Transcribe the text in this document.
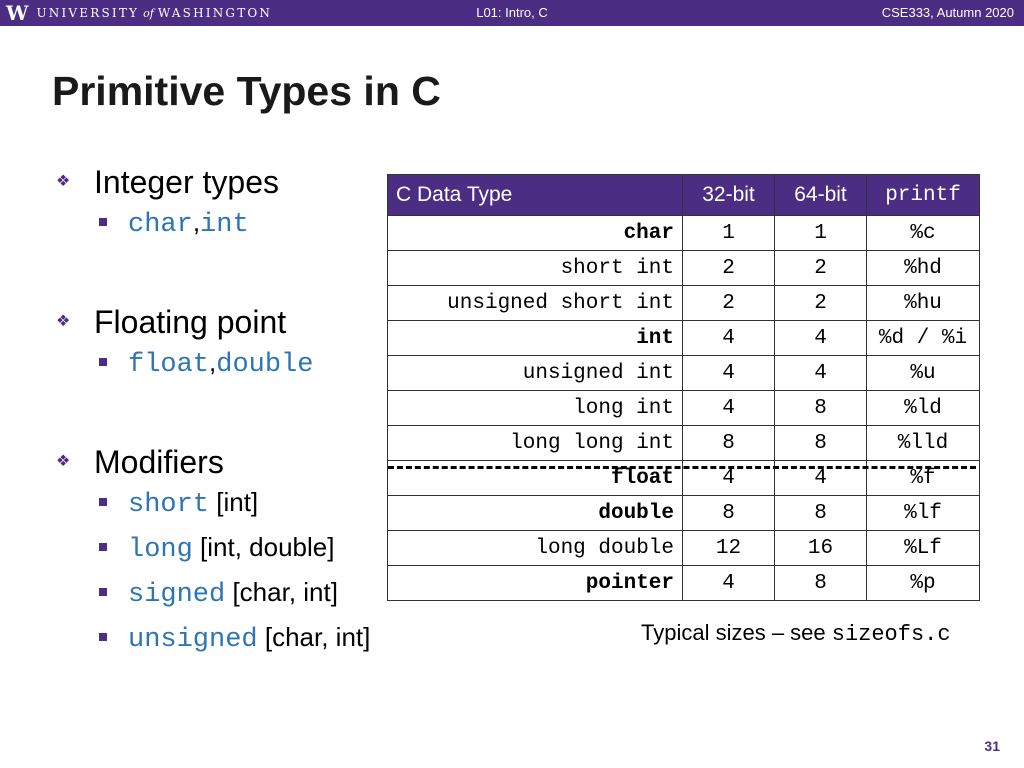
W UNIVERSITY of WASHINGTON	L01: Intro, C	CSE333, Autumn 2020
Primitive Types in C
❖ Integer types
char,int
❖ Floating point
float,double
❖ Modifiers
short [int]
long [int, double]
signed [char, int]
unsigned [char, int]
C Data Type	32-bit	64-bit	printf
char	1	1	%c
short int	2	2	%hd
unsigned short int	2	2	%hu
int	4	4	%d / %i
unsigned int	4	4	%u
long int	4	8	%ld
long long int	8	8	%lld
float	4	4	%f
double	8	8	%lf
long double	12	16	%Lf
pointer	4	8	%p
Typical sizes – see sizeofs.c
31
